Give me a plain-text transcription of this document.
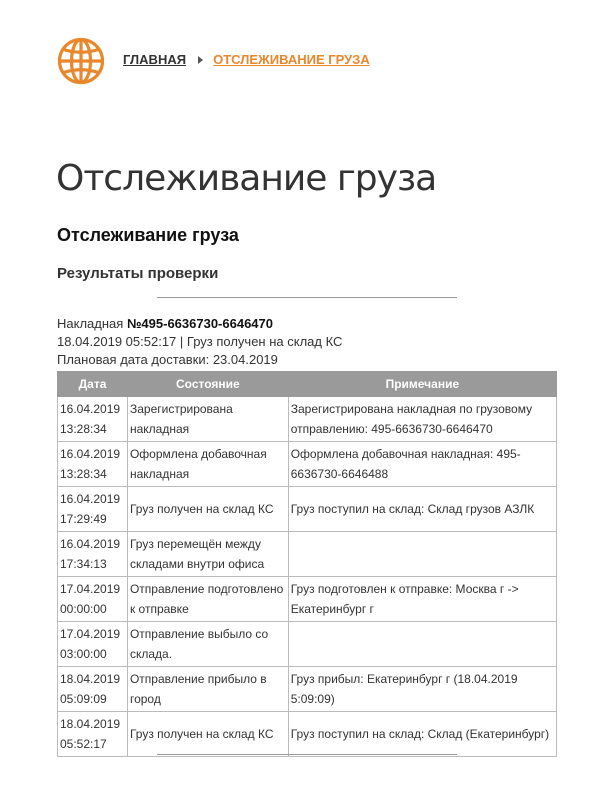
ГЛАВНАЯ ОТСЛЕЖИВАНИЕ ГРУЗА
Отслеживание груза
Отслеживание груза
Результаты проверки
Накладная №495-6636730-6646470
18.04.2019 05:52:17 | Груз получен на склад КС
Плановая дата доставки: 23.04.2019
Дата	Состояние	Примечание
16.04.2019 13:28:34	Зарегистрирована накладная	Зарегистрирована накладная по грузовому отправлению: 495-6636730-6646470
16.04.2019 13:28:34	Оформлена добавочная накладная	Оформлена добавочная накладная: 495-6636730-6646488
16.04.2019 17:29:49	Груз получен на склад КС	Груз поступил на склад: Склад грузов АЗЛК
16.04.2019 17:34:13	Груз перемещён между складами внутри офиса	
17.04.2019 00:00:00	Отправление подготовлено к отправке	Груз подготовлен к отправке: Москва г -> Екатеринбург г
17.04.2019 03:00:00	Отправление выбыло со склада.	
18.04.2019 05:09:09	Отправление прибыло в город	Груз прибыл: Екатеринбург г (18.04.2019 5:09:09)
18.04.2019 05:52:17	Груз получен на склад КС	Груз поступил на склад: Склад (Екатеринбург)
